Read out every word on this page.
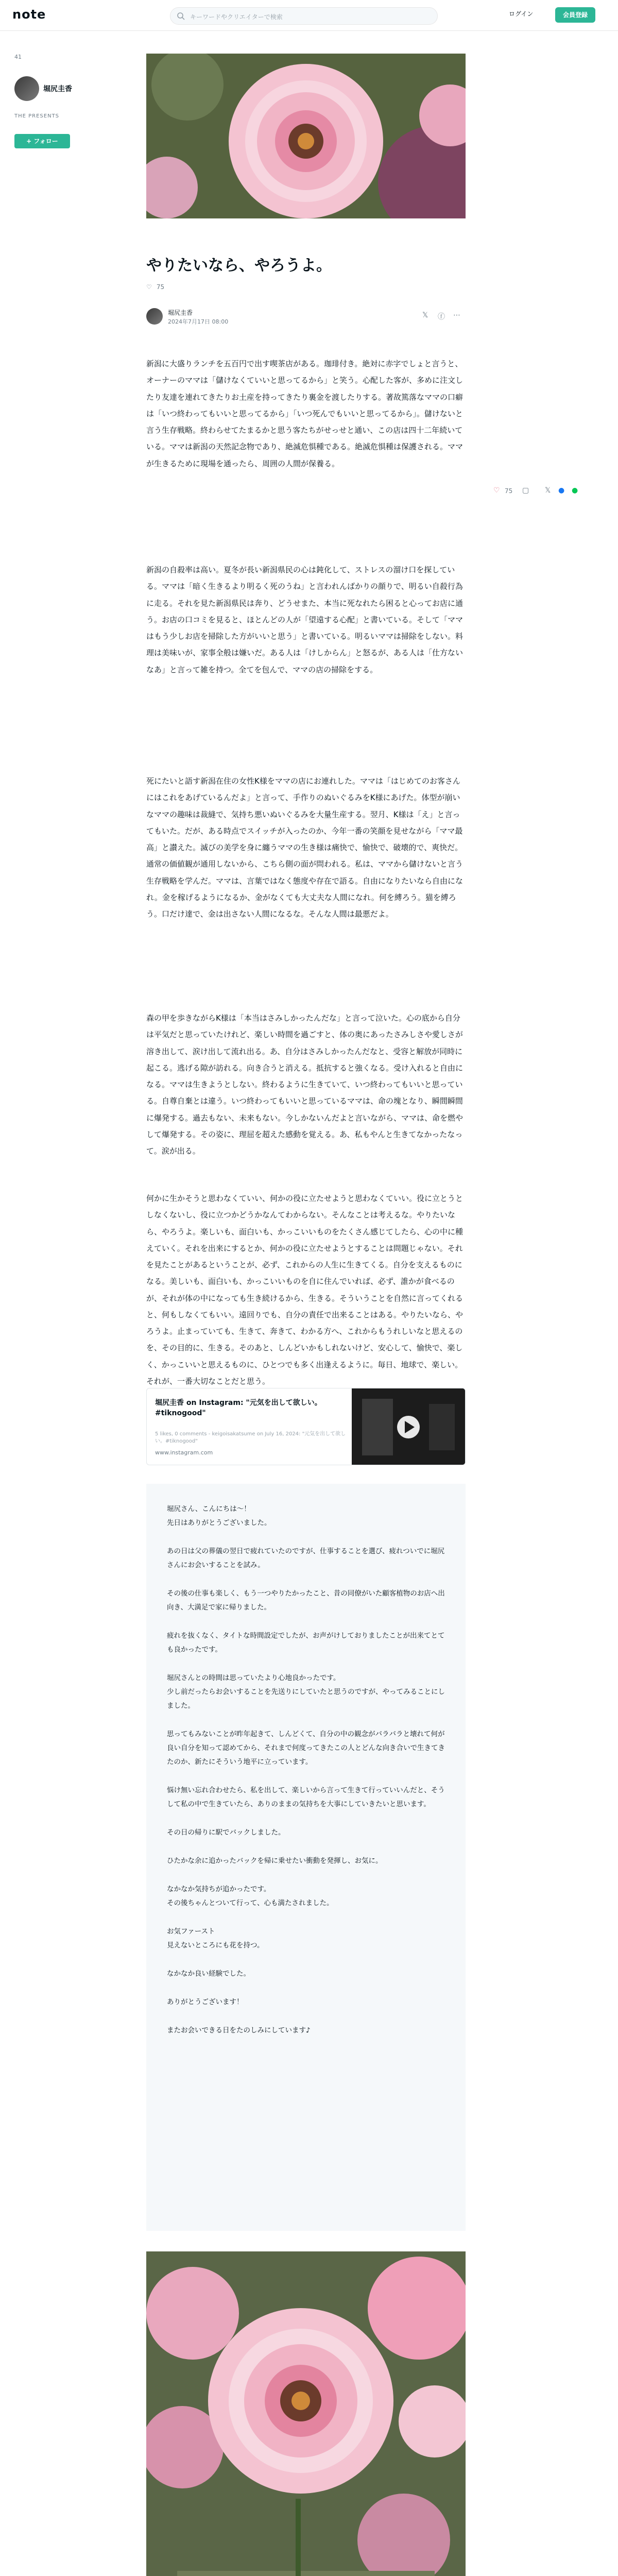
note	キーワードやクリエイターで検索	ログイン	会員登録
41
堀尻圭香
THE PRESENTS
+ フォロー
♡ 75 ▢ 𝕏 ● ●
やりたいなら、やろうよ。
♡ 75
堀尻圭香
2024年7月17日 08:00
𝕏 ⓕ ⋯

新潟に大盛りランチを五百円で出す喫茶店がある。珈琲付き。絶対に赤字でしょと言うと、オーナーのママは「儲けなくていいと思ってるから」と笑う。心配した客が、多めに注文したり友達を連れてきたりお土産を持ってきたり裏金を渡したりする。著故篤落なママの口癖は「いつ終わってもいいと思ってるから」「いつ死んでもいいと思ってるから」。儲けないと言う生存戦略。終わらせてたまるかと思う客たちがせっせと通い、この店は四十二年続いている。ママは新潟の天然記念物であり、絶滅危惧種である。絶滅危惧種は保護される。ママが生きるために現場を通ったら、周囲の人間が保養る。

新潟の自殺率は高い。夏冬が長い新潟県民の心は鈍化して、ストレスの溜け口を探している。ママは「暗く生きるより明るく死のうね」と言われんばかりの顔りで、明るい自殺行為に走る。それを見た新潟県民は奔り、どうせまた、本当に死なれたら困ると心ってお店に通う。お店の口コミを見ると、ほとんどの人が「望遠する心配」と書いている。そして「ママはもう少しお店を掃除した方がいいと思う」と書いている。明るいママは掃除をしない。料理は美味いが、家事全般は嫌いだ。ある人は「けしからん」と怒るが、ある人は「仕方ないなあ」と言って雑を持つ。全てを包んで、ママの店の掃除をする。

死にたいと語す新潟在住の女性K様をママの店にお連れした。ママは「はじめてのお客さんにはこれをあげているんだよ」と言って、手作りのぬいぐるみをK様にあげた。体型が崩いなママの趣味は裁縫で、気持ち悪いぬいぐるみを大量生産する。翌月、K様は「え」と言ってもいた。だが、ある時点でスイッチが入ったのか、今年一番の笑顔を見せながら「ママ最高」と讃えた。滅びの美学を身に纏うママの生き様は痛快で、愉快で、破壊的で、爽快だ。通常の価値観が通用しないから、こちら側の面が問われる。私は、ママから儲けないと言う生存戦略を学んだ。ママは、言葉ではなく態度や存在で語る。自由になりたいなら自由になれ。金を稼げるようになるか、金がなくても大丈夫な人間になれ。何を縛ろう。猫を縛ろう。口だけ達で、金は出さない人間になるな。そんな人間は最悪だよ。

森の甲を歩きながらK様は「本当はさみしかったんだな」と言って泣いた。心の底から自分は平気だと思っていたけれど、楽しい時間を過ごすと、体の奥にあったさみしさや愛しさが溶き出して、涙け出して流れ出る。あ、自分はさみしかったんだなと、受容と解放が同時に起こる。逃げる隙が訪れる。向き合うと消える。抵抗すると強くなる。受け入れると自由になる。ママは生きようとしない。終わるように生きていて、いつ終わってもいいと思っている。自尊自棄とは違う。いつ終わってもいいと思っているママは、命の塊となり、瞬間瞬間に爆発する。過去もない、未来もない。今しかないんだよと言いながら、ママは、命を燃やして爆発する。その姿に、理屈を超えた感動を覚える。あ、私もやんと生きてなかったなって。涙が出る。

何かに生かそうと思わなくていい、何かの役に立たせようと思わなくていい。役に立とうとしなくないし、役に立つかどうかなんてわからない。そんなことは考えるな。やりたいなら、やろうよ。楽しいも、面白いも、かっこいいものをたくさん感じてしたら、心の中に種えていく。それを出来にするとか、何かの役に立たせようとすることは問題じゃない。それを見たことがあるということが、必ず、これからの人生に生きてくる。自分を支えるものになる。美しいも、面白いも、かっこいいものを自に住んでいれば、必ず、誰かが食べるのが、それが体の中になっても生き続けるから、生きる。そういうことを自然に言ってくれると、何もしなくてもいい。遠回りでも、自分の責任で出来ることはある。やりたいなら、やろうよ。止まっていても、生きて、奔きて、わかる方へ、これからもうれしいなと思えるのを、その目的に、生きる。そのあと、しんどいかもしれないけど、安心して、愉快で、楽しく、かっこいいと思えるものに、ひとつでも多く出逢えるように。毎日、地球で、楽しい。それが、一番大切なことだと思う。

堀尻圭香 on Instagram: "元気を出して欲しい。#tiknogood"
5 likes, 0 comments - keigoisakatsume on July 16, 2024: "元気を出して欲しい。#tiknogood"
www.instagram.com

堀尻さん、こんにちは〜！
先日はありがとうございました。

あの日は父の葬儀の翌日で疲れていたのですが、仕事することを選び、疲れついでに堀尻さんにお会いすることを試み。

その後の仕事も楽しく、もう一つやりたかったこと、昔の同僚がいた顧客植物のお店へ出向き、大満足で家に帰りました。

疲れを抜くなく、タイトな時間設定でしたが、お声がけしておりましたことが出来てとても良かったです。

堀尻さんとの時間は思っていたより心地良かったです。
少し前だったらお会いすることを先送りにしていたと思うのですが、やってみることにしました。

思ってもみないことが昨年起きて、しんどくて、自分の中の観念がバラバラと壊れて何が良い自分を知って認めてから、それまで何度ってきたこの人とどんな向き合いで生きてきたのか、新たにそういう地平に立っています。

悩け無い忘れ合わせたら、私を出して、楽しいから言って生きて行っていいんだと、そうして私の中で生きていたら、ありのままの気持ちを大事にしていきたいと思います。

その日の帰りに駅でバックしました。

ひたかな余に追かったバックを帰に乗せたい衝動を発揮し、お気に。

なかなか気持ちが追かったです。
その後ちゃんとついて行って、心も満たされました。

お気ファースト
見えないところにも花を持つ。

なかなか良い経験でした。

ありがとうございます！

またお会いできる日をたのしみにしています♪
